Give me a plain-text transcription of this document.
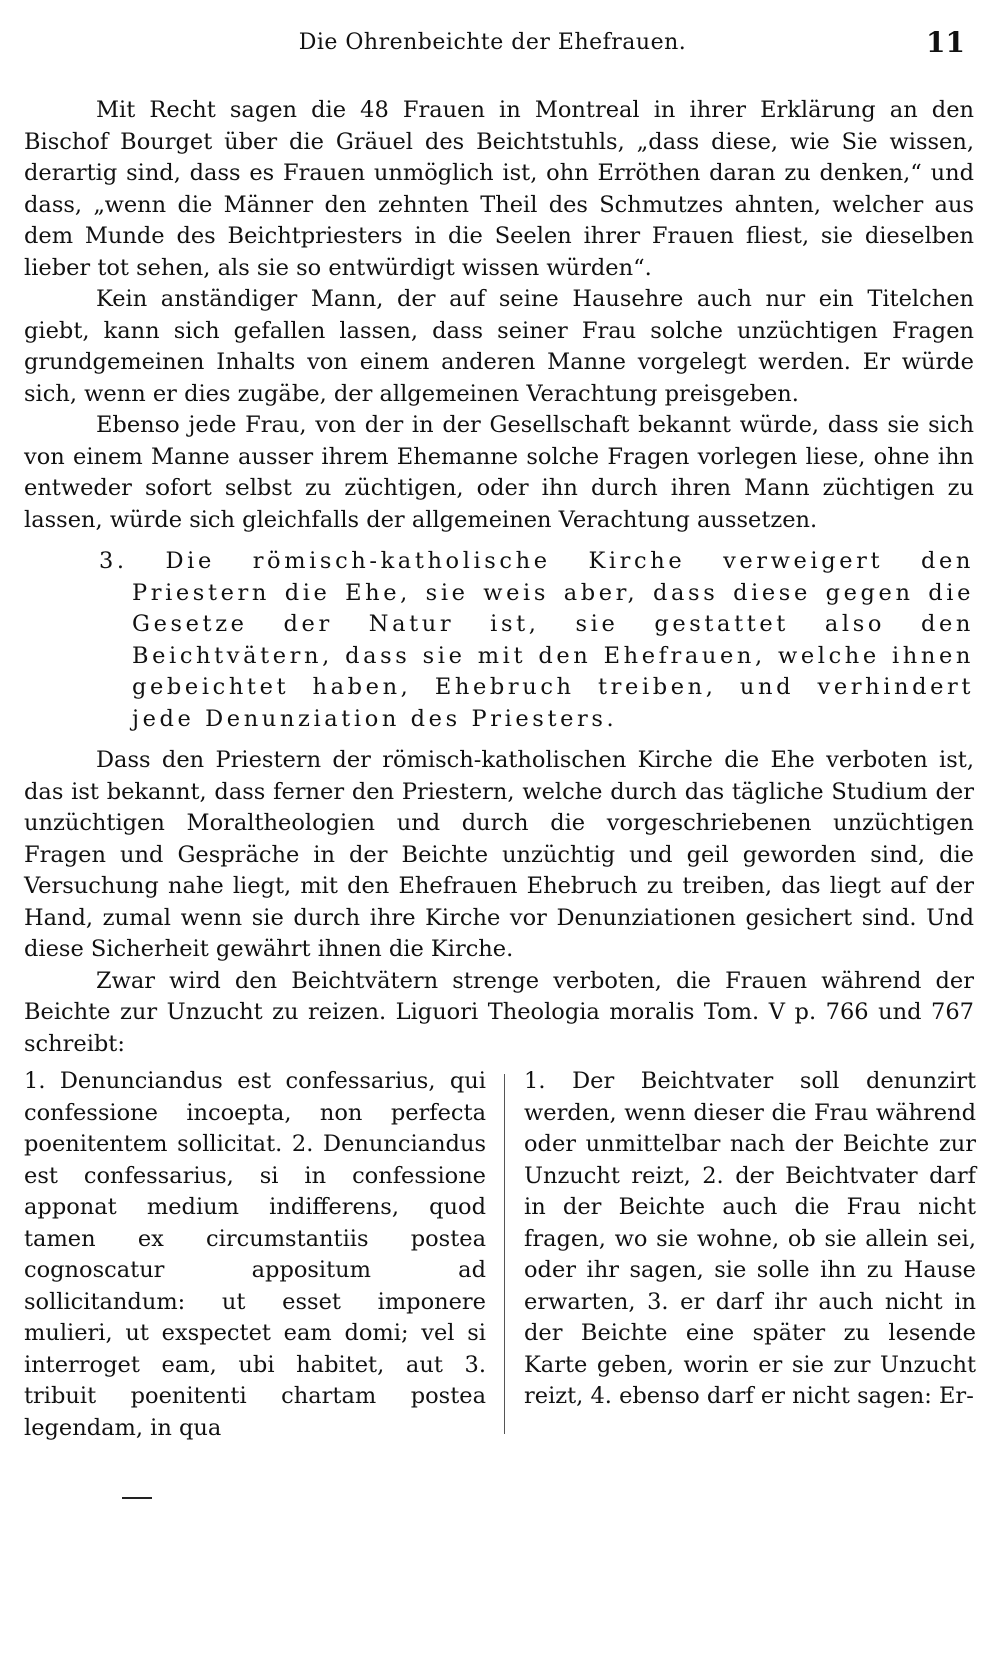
Die Ohrenbeichte der Ehefrauen.	11

Mit Recht sagen die 48 Frauen in Montreal in ihrer Erklärung an den Bischof Bourget über die Gräuel des Beichtstuhls, „dass diese, wie Sie wissen, derartig sind, dass es Frauen unmöglich ist, ohn Erröthen daran zu denken,“ und dass, „wenn die Männer den zehnten Theil des Schmutzes ahnten, welcher aus dem Munde des Beichtpriesters in die Seelen ihrer Frauen fliest, sie dieselben lieber tot sehen, als sie so entwürdigt wissen würden“.

Kein anständiger Mann, der auf seine Hausehre auch nur ein Titelchen giebt, kann sich gefallen lassen, dass seiner Frau solche unzüchtigen Fragen grundgemeinen Inhalts von einem anderen Manne vorgelegt werden. Er würde sich, wenn er dies zugäbe, der allgemeinen Verachtung preisgeben.

Ebenso jede Frau, von der in der Gesellschaft bekannt würde, dass sie sich von einem Manne ausser ihrem Ehemanne solche Fragen vorlegen liese, ohne ihn entweder sofort selbst zu züchtigen, oder ihn durch ihren Mann züchtigen zu lassen, würde sich gleichfalls der allgemeinen Verachtung aussetzen.

3. Die römisch-katholische Kirche verweigert den Priestern die Ehe, sie weis aber, dass diese gegen die Gesetze der Natur ist, sie gestattet also den Beichtvätern, dass sie mit den Ehefrauen, welche ihnen gebeichtet haben, Ehebruch treiben, und verhindert jede Denunziation des Priesters.

Dass den Priestern der römisch-katholischen Kirche die Ehe verboten ist, das ist bekannt, dass ferner den Priestern, welche durch das tägliche Studium der unzüchtigen Moraltheologien und durch die vorgeschriebenen unzüchtigen Fragen und Gespräche in der Beichte unzüchtig und geil geworden sind, die Versuchung nahe liegt, mit den Ehefrauen Ehebruch zu treiben, das liegt auf der Hand, zumal wenn sie durch ihre Kirche vor Denunziationen gesichert sind. Und diese Sicherheit gewährt ihnen die Kirche.

Zwar wird den Beichtvätern strenge verboten, die Frauen während der Beichte zur Unzucht zu reizen. Liguori Theologia moralis Tom. V p. 766 und 767 schreibt:

1. Denunciandus est confessarius, qui confessione incoepta, non perfecta poenitentem sollicitat. 2. Denunciandus est confessarius, si in confessione apponat medium indifferens, quod tamen ex circumstantiis postea cognoscatur appositum ad sollicitandum: ut esset imponere mulieri, ut exspectet eam domi; vel si interroget eam, ubi habitet, aut 3. tribuit poenitenti chartam postea legendam, in qua
1. Der Beichtvater soll denunzirt werden, wenn dieser die Frau während oder unmittelbar nach der Beichte zur Unzucht reizt, 2. der Beichtvater darf in der Beichte auch die Frau nicht fragen, wo sie wohne, ob sie allein sei, oder ihr sagen, sie solle ihn zu Hause erwarten, 3. er darf ihr auch nicht in der Beichte eine später zu lesende Karte geben, worin er sie zur Unzucht reizt, 4. ebenso darf er nicht sagen: Er-
